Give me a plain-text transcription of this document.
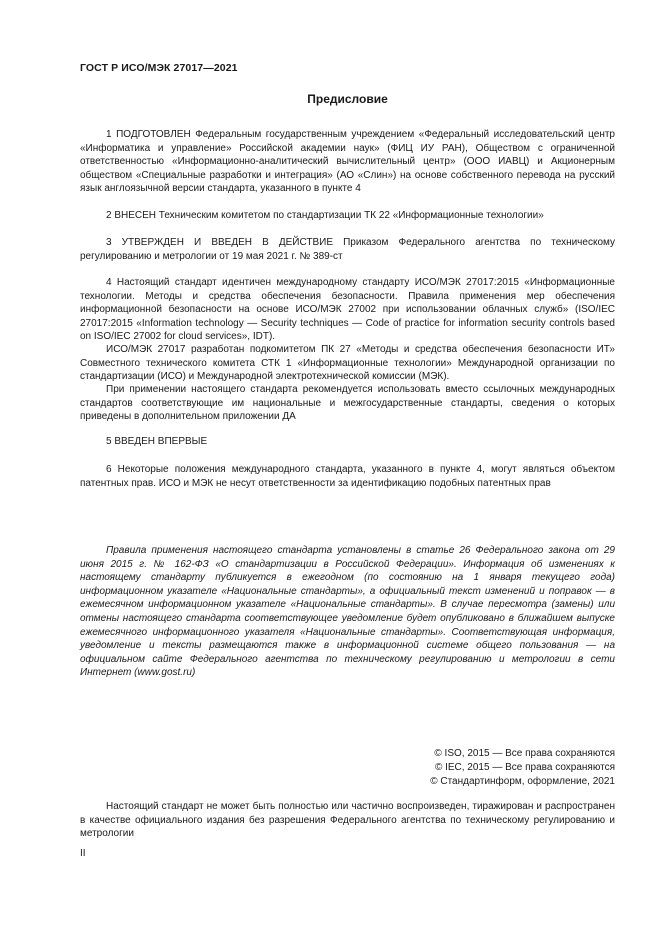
ГОСТ Р ИСО/МЭК 27017—2021
Предисловие

1 ПОДГОТОВЛЕН Федеральным государственным учреждением «Федеральный исследовательский центр «Информатика и управление» Российской академии наук» (ФИЦ ИУ РАН), Обществом с ограниченной ответственностью «Информационно-аналитический вычислительный центр» (ООО ИАВЦ) и Акционерным обществом «Специальные разработки и интеграция» (АО «Слин») на основе собственного перевода на русский язык англоязычной версии стандарта, указанного в пункте 4

2 ВНЕСЕН Техническим комитетом по стандартизации ТК 22 «Информационные технологии»

3 УТВЕРЖДЕН И ВВЕДЕН В ДЕЙСТВИЕ Приказом Федерального агентства по техническому регулированию и метрологии от 19 мая 2021 г. № 389-ст

4 Настоящий стандарт идентичен международному стандарту ИСО/МЭК 27017:2015 «Информационные технологии. Методы и средства обеспечения безопасности. Правила применения мер обеспечения информационной безопасности на основе ИСО/МЭК 27002 при использовании облачных служб» (ISO/IEC 27017:2015 «Information technology — Security techniques — Code of practice for information security controls based on ISO/IEC 27002 for cloud services», IDT).

ИСО/МЭК 27017 разработан подкомитетом ПК 27 «Методы и средства обеспечения безопасности ИТ» Совместного технического комитета СТК 1 «Информационные технологии» Международной организации по стандартизации (ИСО) и Международной электротехнической комиссии (МЭК).

При применении настоящего стандарта рекомендуется использовать вместо ссылочных международных стандартов соответствующие им национальные и межгосударственные стандарты, сведения о которых приведены в дополнительном приложении ДА

5 ВВЕДЕН ВПЕРВЫЕ

6 Некоторые положения международного стандарта, указанного в пункте 4, могут являться объектом патентных прав. ИСО и МЭК не несут ответственности за идентификацию подобных патентных прав

Правила применения настоящего стандарта установлены в статье 26 Федерального закона от 29 июня 2015 г. № 162-ФЗ «О стандартизации в Российской Федерации». Информация об изменениях к настоящему стандарту публикуется в ежегодном (по состоянию на 1 января текущего года) информационном указателе «Национальные стандарты», а официальный текст изменений и поправок — в ежемесячном информационном указателе «Национальные стандарты». В случае пересмотра (замены) или отмены настоящего стандарта соответствующее уведомление будет опубликовано в ближайшем выпуске ежемесячного информационного указателя «Национальные стандарты». Соответствующая информация, уведомление и тексты размещаются также в информационной системе общего пользования — на официальном сайте Федерального агентства по техническому регулированию и метрологии в сети Интернет (www.gost.ru)

© ISO, 2015 — Все права сохраняются
© IEC, 2015 — Все права сохраняются
© Стандартинформ, оформление, 2021

Настоящий стандарт не может быть полностью или частично воспроизведен, тиражирован и распространен в качестве официального издания без разрешения Федерального агентства по техническому регулированию и метрологии

II
